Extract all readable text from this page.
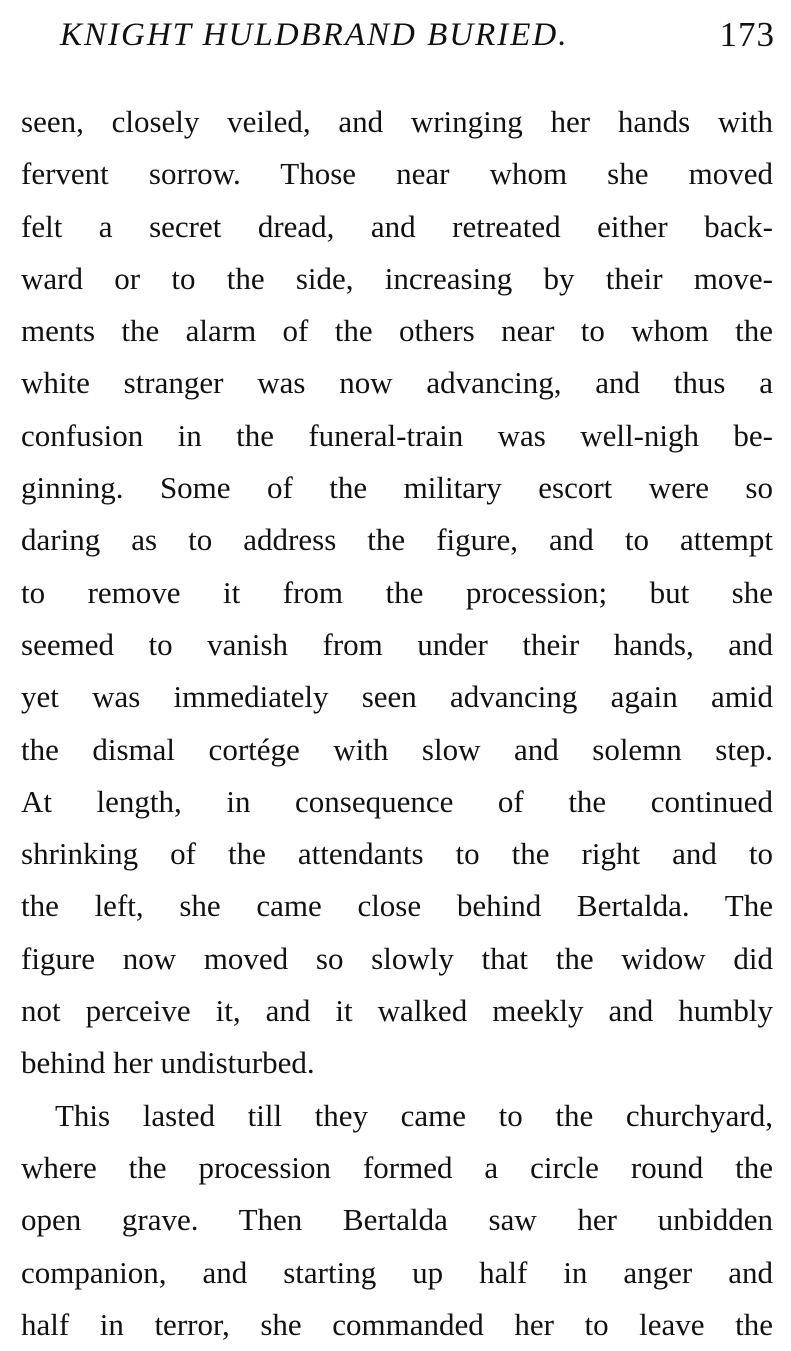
KNIGHT HULDBRAND BURIED.	173
seen, closely veiled, and wringing her hands with
fervent sorrow. Those near whom she moved
felt a secret dread, and retreated either back-
ward or to the side, increasing by their move-
ments the alarm of the others near to whom the
white stranger was now advancing, and thus a
confusion in the funeral-train was well-nigh be-
ginning. Some of the military escort were so
daring as to address the figure, and to attempt
to remove it from the procession; but she
seemed to vanish from under their hands, and
yet was immediately seen advancing again amid
the dismal cortége with slow and solemn step.
At length, in consequence of the continued
shrinking of the attendants to the right and to
the left, she came close behind Bertalda. The
figure now moved so slowly that the widow did
not perceive it, and it walked meekly and humbly
behind her undisturbed.
This lasted till they came to the churchyard,
where the procession formed a circle round the
open grave. Then Bertalda saw her unbidden
companion, and starting up half in anger and
half in terror, she commanded her to leave the
